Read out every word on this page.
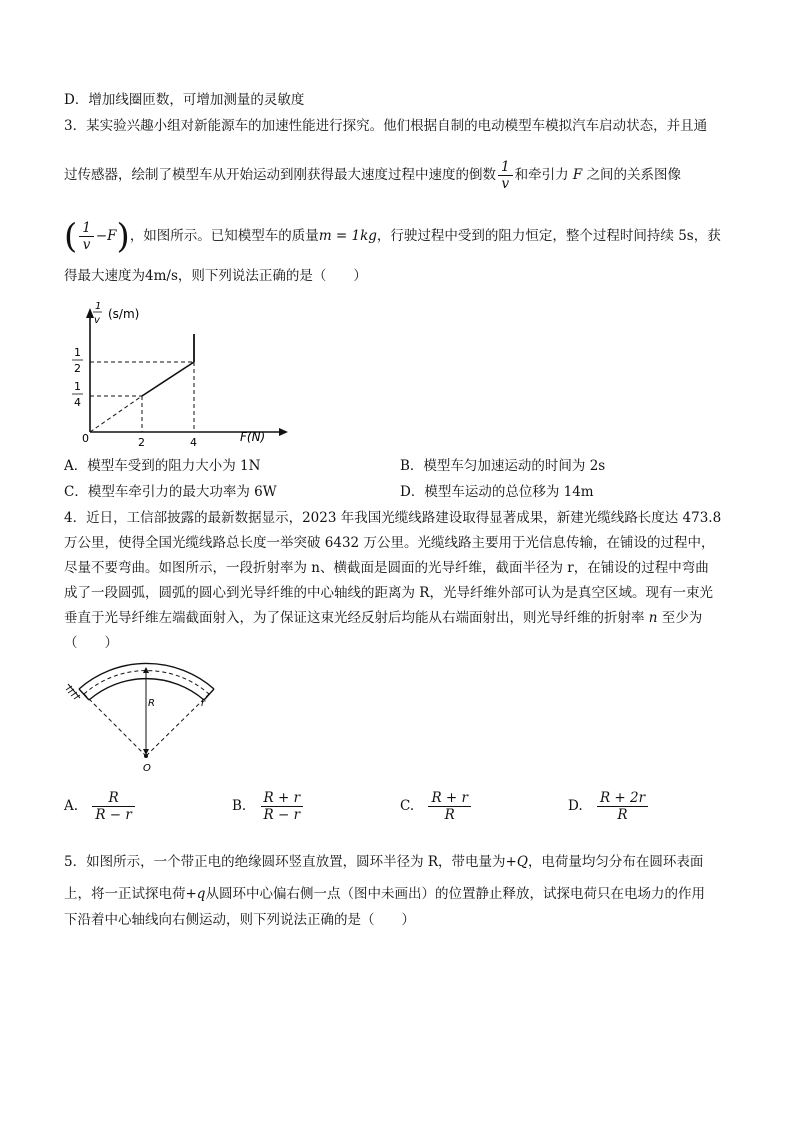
D．增加线圈匝数，可增加测量的灵敏度
3．某实验兴趣小组对新能源车的加速性能进行探究。他们根据自制的电动模型车模拟汽车启动状态，并且通
过传感器，绘制了模型车从开始运动到刚获得最大速度过程中速度的倒数 $\frac{1}{v}$ 和牵引力 F 之间的关系图像
( $\frac{1}{v} -F$)，如图所示。已知模型车的质量m = 1kg，行驶过程中受到的阻力恒定，整个过程时间持续 5s，获
得最大速度为4m/s，则下列说法正确的是（　　）
1
v (s/m)
F(N)
1
2
1
4
0	2	4
A．模型车受到的阻力大小为 1N	B．模型车匀加速运动的时间为 2s
C．模型车牵引力的最大功率为 6W	D．模型车运动的总位移为 14m
4．近日，工信部披露的最新数据显示，2023 年我国光缆线路建设取得显著成果，新建光缆线路长度达 473.8
万公里，使得全国光缆线路总长度一举突破 6432 万公里。光缆线路主要用于光信息传输，在铺设的过程中，
尽量不要弯曲。如图所示，一段折射率为 n、横截面是圆面的光导纤维，截面半径为 r，在铺设的过程中弯曲
成了一段圆弧，圆弧的圆心到光导纤维的中心轴线的距离为 R，光导纤维外部可认为是真空区域。现有一束光
垂直于光导纤维左端截面射入，为了保证这束光经反射后均能从右端面射出，则光导纤维的折射率 n 至少为
（　　）
R	r
O
A. $\frac{R}{R - r}$	B. $\frac{R + r}{R - r}$	C. $\frac{R + r}{R}$	D. $\frac{R + 2r}{R}$
5．如图所示，一个带正电的绝缘圆环竖直放置，圆环半径为 R，带电量为+Q，电荷量均匀分布在圆环表面
上，将一正试探电荷+q从圆环中心偏右侧一点（图中未画出）的位置静止释放，试探电荷只在电场力的作用
下沿着中心轴线向右侧运动，则下列说法正确的是（　　）
